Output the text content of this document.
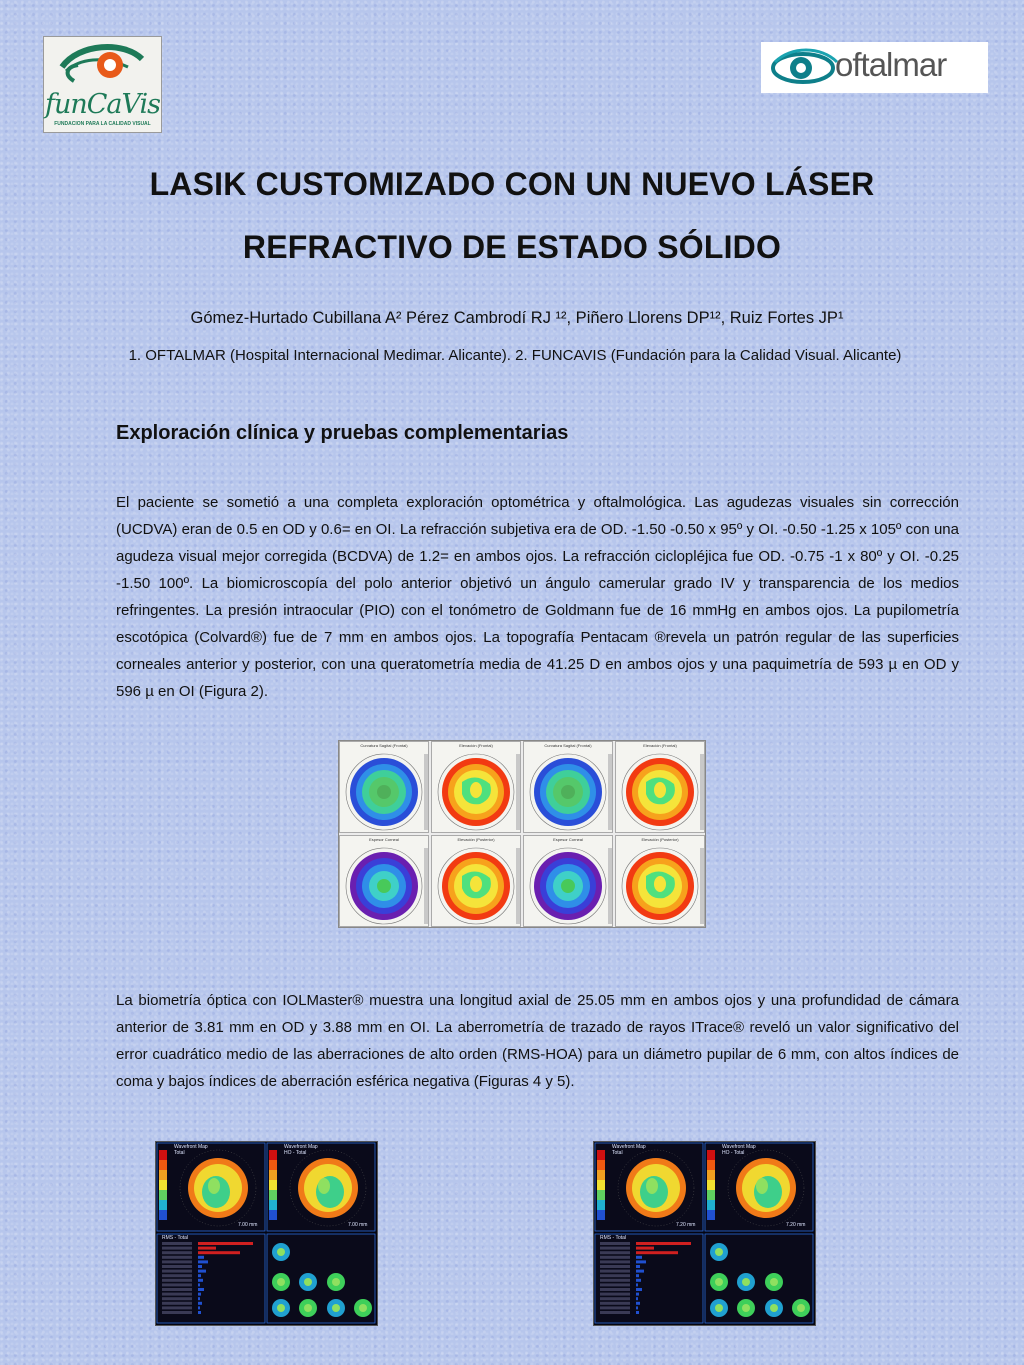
funCaVis
FUNDACION PARA LA CALIDAD VISUAL
oftalmar
LASIK CUSTOMIZADO CON UN NUEVO LÁSER
REFRACTIVO DE ESTADO SÓLIDO
Gómez-Hurtado Cubillana A² Pérez Cambrodí RJ ¹², Piñero Llorens DP¹², Ruiz Fortes JP¹
1. OFTALMAR (Hospital Internacional Medimar. Alicante). 2. FUNCAVIS (Fundación para la Calidad Visual. Alicante)
Exploración clínica y pruebas complementarias
El paciente se sometió a una completa exploración optométrica y oftalmológica. Las agudezas visuales sin corrección (UCDVA) eran de 0.5 en OD y 0.6= en OI. La refracción subjetiva era de OD. -1.50 -0.50 x 95º y OI. -0.50 -1.25 x 105º con una agudeza visual mejor corregida (BCDVA) de 1.2= en ambos ojos. La refracción ciclopléjica fue OD. -0.75 -1 x 80º y OI. -0.25 -1.50 100º. La biomicroscopía del polo anterior objetivó un ángulo camerular grado IV y transparencia de los medios refringentes. La presión intraocular (PIO) con el tonómetro de Goldmann fue de 16 mmHg en ambos ojos. La pupilometría escotópica (Colvard®) fue de 7 mm en ambos ojos. La topografía Pentacam ®revela un patrón regular de las superficies corneales anterior y posterior, con una queratometría media de 41.25 D en ambos ojos y una paquimetría de 593 µ en OD y 596 µ en OI (Figura 2).
Curvatura Sagital (Frontal)	Elevación (Frontal)	Curvatura Sagital (Frontal)	Elevación (Frontal)
Espesor Corneal	Elevación (Posterior)	Espesor Corneal	Elevación (Posterior)
La biometría óptica con IOLMaster® muestra una longitud axial de 25.05 mm en ambos ojos y una profundidad de cámara anterior de 3.81 mm en OD y 3.88 mm en OI. La aberrometría de trazado de rayos ITrace® reveló un valor significativo del error cuadrático medio de las aberraciones de alto orden (RMS-HOA) para un diámetro pupilar de 6 mm, con altos índices de coma y bajos índices de aberración esférica negativa (Figuras 4 y 5).
Wavefront Map
Total
Wavefront Map
HO - Total
RMS - Total
7.00 mm	7.00 mm
Wavefront Map
Total
Wavefront Map
HO - Total
RMS - Total
7.20 mm	7.20 mm
